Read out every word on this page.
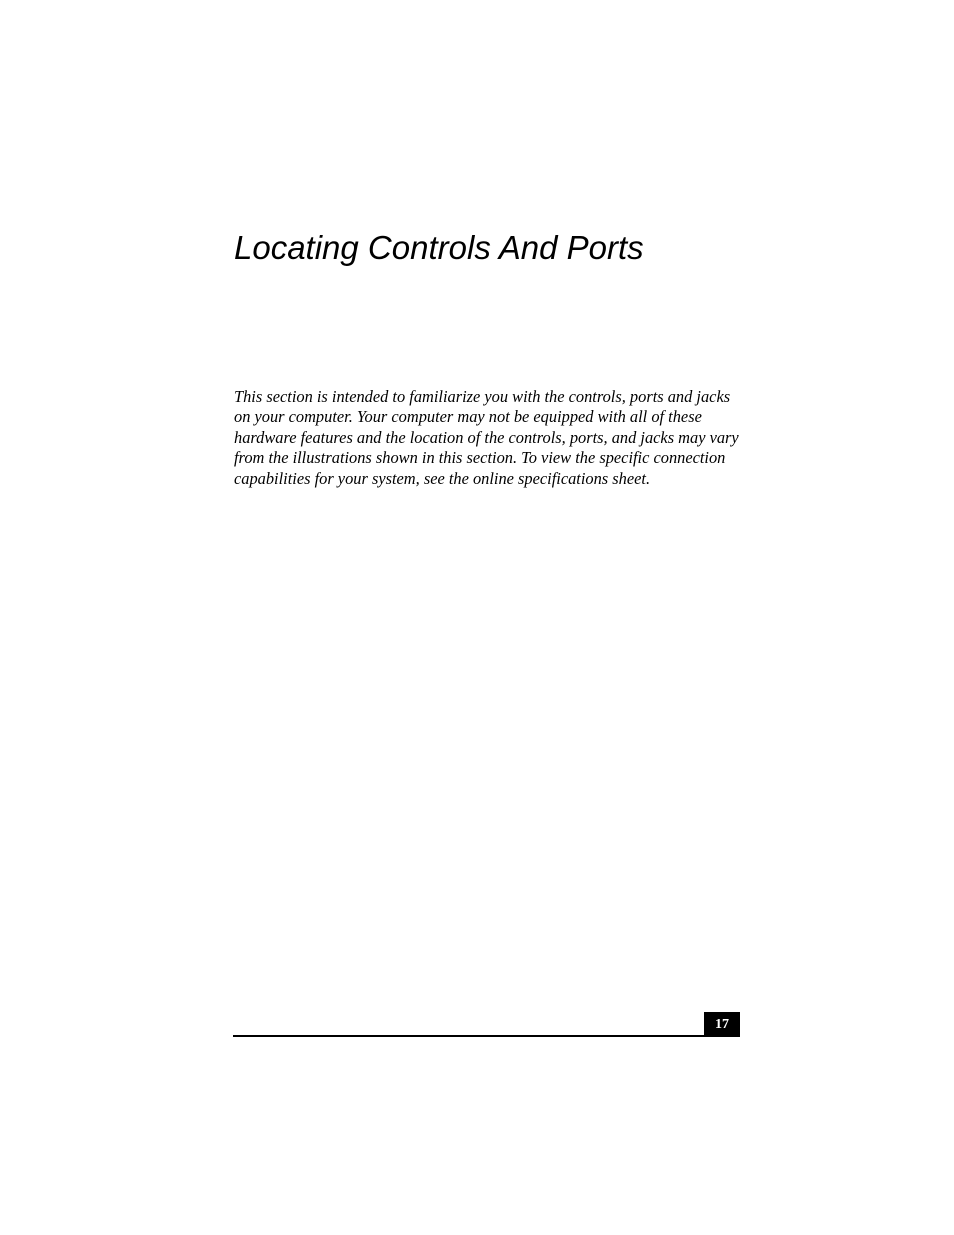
Locating Controls And Ports

This section is intended to familiarize you with the controls, ports and jacks on your computer. Your computer may not be equipped with all of these hardware features and the location of the controls, ports, and jacks may vary from the illustrations shown in this section. To view the specific connection capabilities for your system, see the online specifications sheet.

17
